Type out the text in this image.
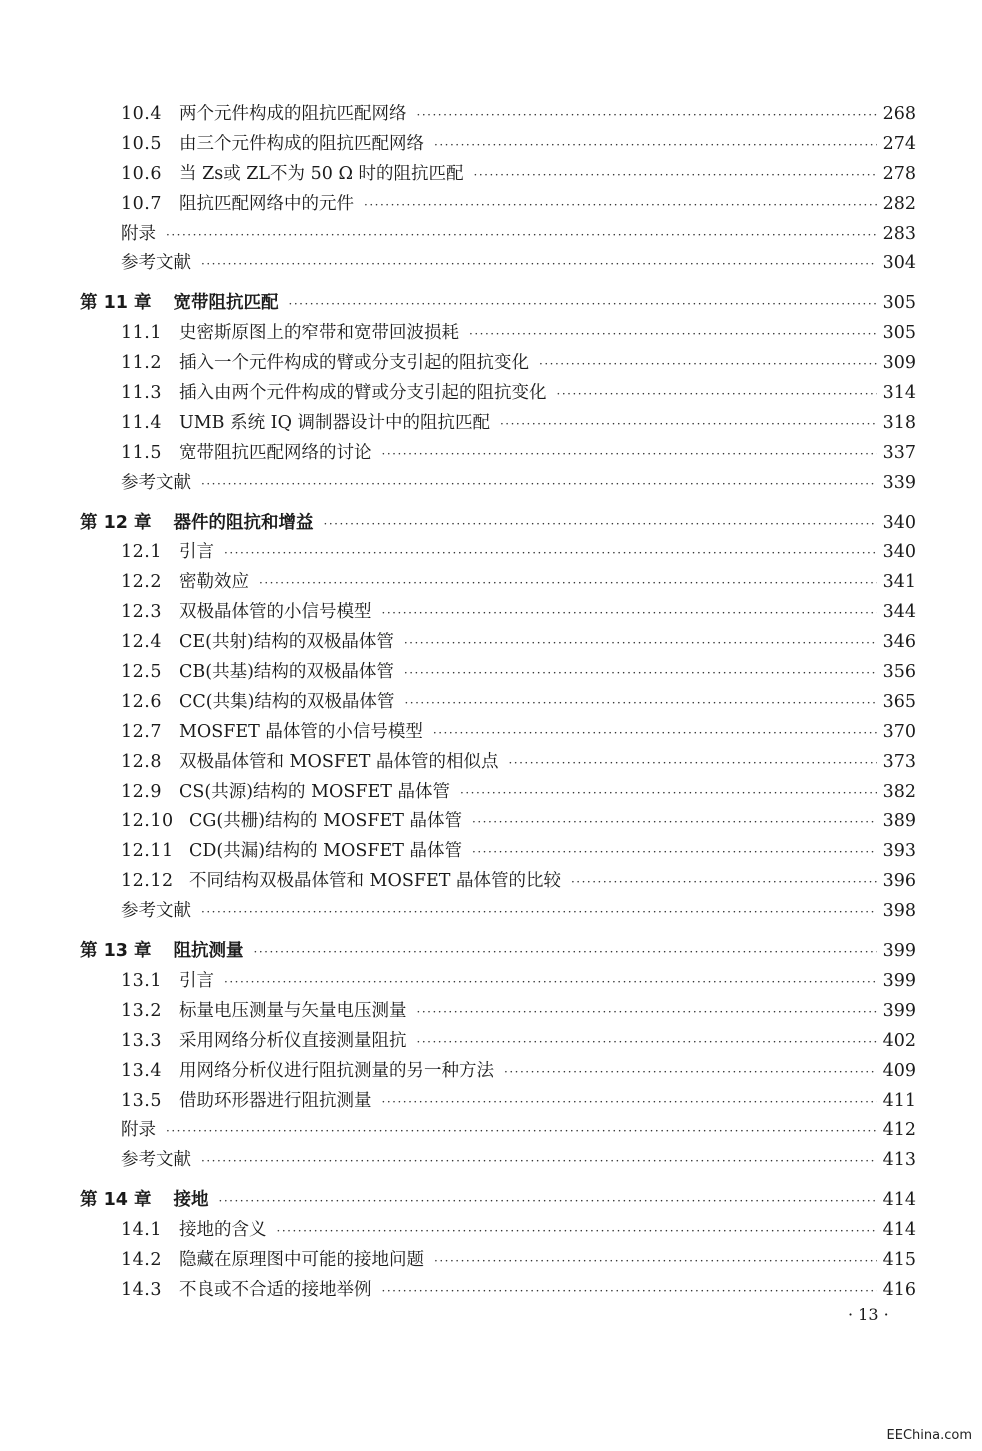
10.4 两个元件构成的阻抗匹配网络 ·····	268
10.5 由三个元件构成的阻抗匹配网络 ·····	274
10.6 当 Zs或 ZL不为 50 Ω 时的阻抗匹配 ·····	278
10.7 阻抗匹配网络中的元件 ·····	282
附录 ·····	283
参考文献 ·····	304
第 11 章 宽带阻抗匹配 ·····	305
11.1 史密斯原图上的窄带和宽带回波损耗 ·····	305
11.2 插入一个元件构成的臂或分支引起的阻抗变化 ·····	309
11.3 插入由两个元件构成的臂或分支引起的阻抗变化 ·····	314
11.4 UMB 系统 IQ 调制器设计中的阻抗匹配 ·····	318
11.5 宽带阻抗匹配网络的讨论 ·····	337
参考文献 ·····	339
第 12 章 器件的阻抗和增益 ·····	340
12.1 引言 ·····	340
12.2 密勒效应 ·····	341
12.3 双极晶体管的小信号模型 ·····	344
12.4 CE(共射)结构的双极晶体管 ·····	346
12.5 CB(共基)结构的双极晶体管 ·····	356
12.6 CC(共集)结构的双极晶体管 ·····	365
12.7 MOSFET 晶体管的小信号模型 ·····	370
12.8 双极晶体管和 MOSFET 晶体管的相似点 ·····	373
12.9 CS(共源)结构的 MOSFET 晶体管 ·····	382
12.10 CG(共栅)结构的 MOSFET 晶体管 ·····	389
12.11 CD(共漏)结构的 MOSFET 晶体管 ·····	393
12.12 不同结构双极晶体管和 MOSFET 晶体管的比较 ·····	396
参考文献 ·····	398
第 13 章 阻抗测量 ·····	399
13.1 引言 ·····	399
13.2 标量电压测量与矢量电压测量 ·····	399
13.3 采用网络分析仪直接测量阻抗 ·····	402
13.4 用网络分析仪进行阻抗测量的另一种方法 ·····	409
13.5 借助环形器进行阻抗测量 ·····	411
附录 ·····	412
参考文献 ·····	413
第 14 章 接地 ·····	414
14.1 接地的含义 ·····	414
14.2 隐藏在原理图中可能的接地问题 ·····	415
14.3 不良或不合适的接地举例 ·····	416
· 13 ·
EEChina.com
